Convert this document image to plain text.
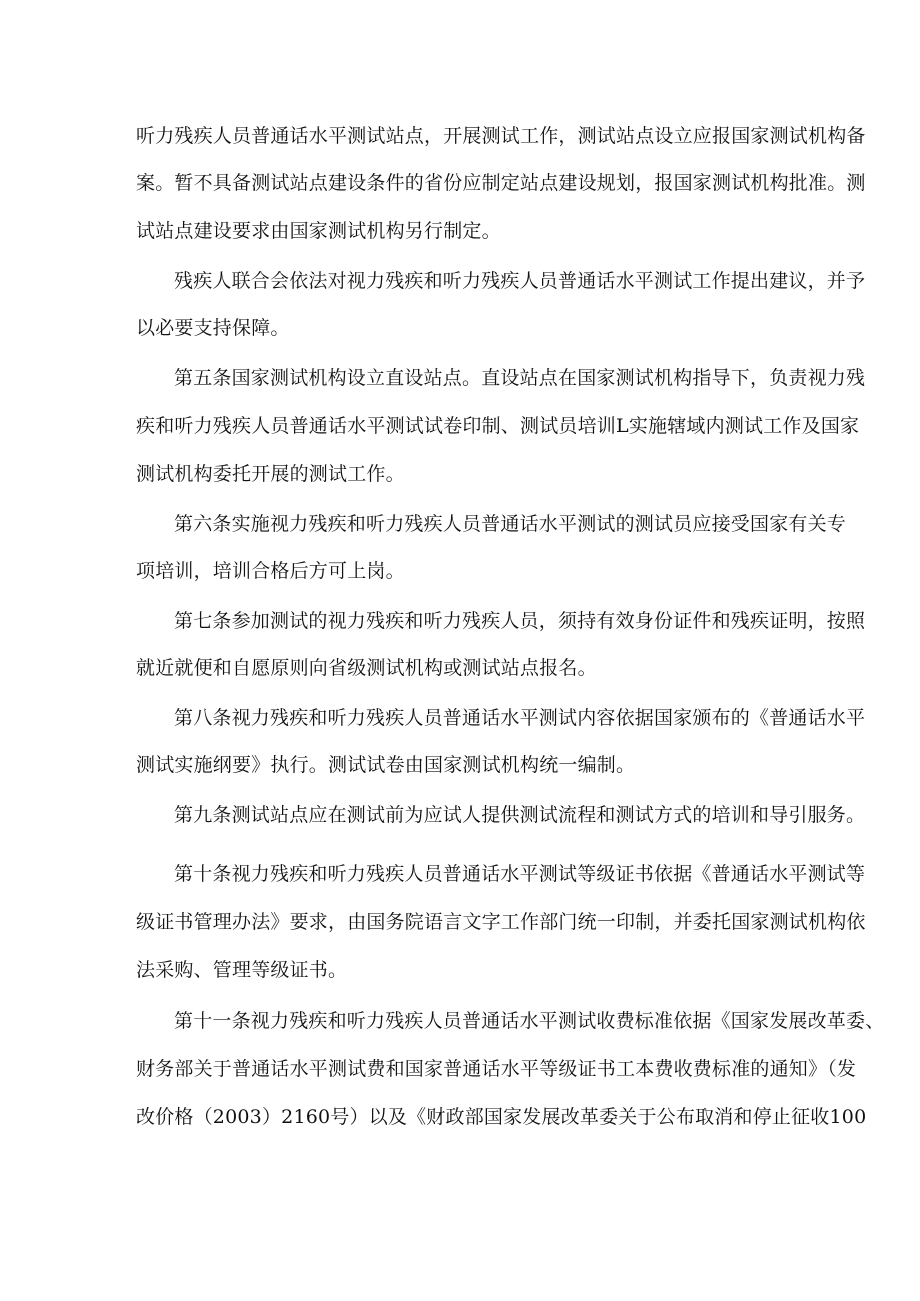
听力残疾人员普通话水平测试站点，开展测试工作，测试站点设立应报国家测试机构备
案。暂不具备测试站点建设条件的省份应制定站点建设规划，报国家测试机构批准。测
试站点建设要求由国家测试机构另行制定。
残疾人联合会依法对视力残疾和听力残疾人员普通话水平测试工作提出建议，并予
以必要支持保障。
第五条国家测试机构设立直设站点。直设站点在国家测试机构指导下，负责视力残
疾和听力残疾人员普通话水平测试试卷印制、测试员培训L实施辖域内测试工作及国家
测试机构委托开展的测试工作。
第六条实施视力残疾和听力残疾人员普通话水平测试的测试员应接受国家有关专
项培训，培训合格后方可上岗。
第七条参加测试的视力残疾和听力残疾人员，须持有效身份证件和残疾证明，按照
就近就便和自愿原则向省级测试机构或测试站点报名。
第八条视力残疾和听力残疾人员普通话水平测试内容依据国家颁布的《普通话水平
测试实施纲要》执行。测试试卷由国家测试机构统一编制。
第九条测试站点应在测试前为应试人提供测试流程和测试方式的培训和导引服务。
第十条视力残疾和听力残疾人员普通话水平测试等级证书依据《普通话水平测试等
级证书管理办法》要求，由国务院语言文字工作部门统一印制，并委托国家测试机构依
法采购、管理等级证书。
第十一条视力残疾和听力残疾人员普通话水平测试收费标准依据《国家发展改革委、
财务部关于普通话水平测试费和国家普通话水平等级证书工本费收费标准的通知》（发
改价格（2003）2160号）以及《财政部国家发展改革委关于公布取消和停止征收100
